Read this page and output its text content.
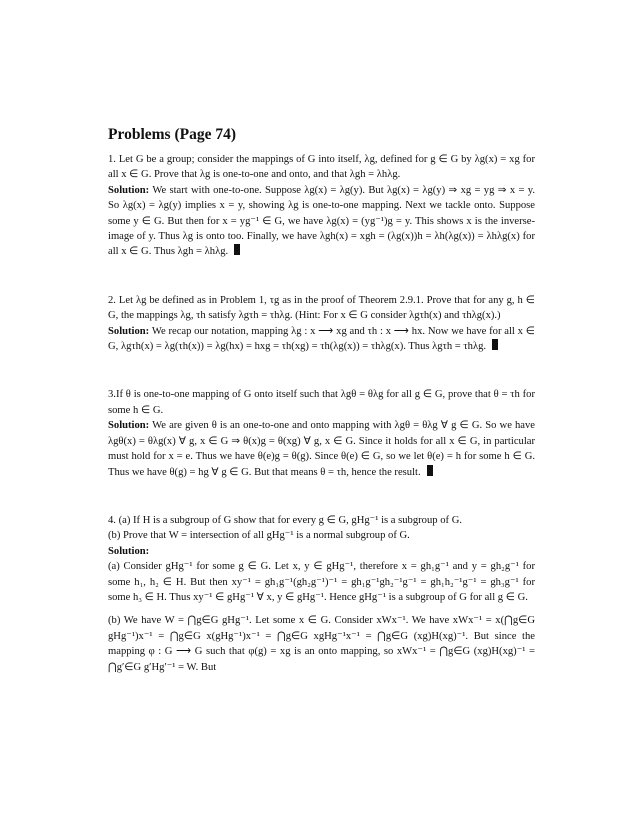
Problems (Page 74)

1. Let G be a group; consider the mappings of G into itself, λg, defined for g ∈ G by λg(x) = xg for all x ∈ G. Prove that λg is one-to-one and onto, and that λgh = λhλg.
Solution: We start with one-to-one. Suppose λg(x) = λg(y). But λg(x) = λg(y) ⇒ xg = yg ⇒ x = y. So λg(x) = λg(y) implies x = y, showing λg is one-to-one mapping. Next we tackle onto. Suppose some y ∈ G. But then for x = yg⁻¹ ∈ G, we have λg(x) = (yg⁻¹)g = y. This shows x is the inverse-image of y. Thus λg is onto too. Finally, we have λgh(x) = xgh = (λg(x))h = λh(λg(x)) = λhλg(x) for all x ∈ G. Thus λgh = λhλg.

2. Let λg be defined as in Problem 1, τg as in the proof of Theorem 2.9.1. Prove that for any g, h ∈ G, the mappings λg, τh satisfy λgτh = τhλg. (Hint: For x ∈ G consider λgτh(x) and τhλg(x).)
Solution: We recap our notation, mapping λg : x ⟶ xg and τh : x ⟶ hx. Now we have for all x ∈ G, λgτh(x) = λg(τh(x)) = λg(hx) = hxg = τh(xg) = τh(λg(x)) = τhλg(x). Thus λgτh = τhλg.

3.If θ is one-to-one mapping of G onto itself such that λgθ = θλg for all g ∈ G, prove that θ = τh for some h ∈ G.
Solution: We are given θ is an one-to-one and onto mapping with λgθ = θλg ∀ g ∈ G. So we have λgθ(x) = θλg(x) ∀ g, x ∈ G ⇒ θ(x)g = θ(xg) ∀ g, x ∈ G. Since it holds for all x ∈ G, in particular must hold for x = e. Thus we have θ(e)g = θ(g). Since θ(e) ∈ G, so we let θ(e) = h for some h ∈ G. Thus we have θ(g) = hg ∀ g ∈ G. But that means θ = τh, hence the result.

4. (a) If H is a subgroup of G show that for every g ∈ G, gHg⁻¹ is a subgroup of G.
(b) Prove that W = intersection of all gHg⁻¹ is a normal subgroup of G.
Solution:
(a) Consider gHg⁻¹ for some g ∈ G. Let x, y ∈ gHg⁻¹, therefore x = gh₁g⁻¹ and y = gh₂g⁻¹ for some h₁, h₂ ∈ H. But then xy⁻¹ = gh₁g⁻¹(gh₂g⁻¹)⁻¹ = gh₁g⁻¹gh₂⁻¹g⁻¹ = gh₁h₂⁻¹g⁻¹ = gh₃g⁻¹ for some h₃ ∈ H. Thus xy⁻¹ ∈ gHg⁻¹ ∀ x, y ∈ gHg⁻¹. Hence gHg⁻¹ is a subgroup of G for all g ∈ G.

(b) We have W = ⋂g∈G gHg⁻¹. Let some x ∈ G. Consider xWx⁻¹. We have xWx⁻¹ = x(⋂g∈G gHg⁻¹)x⁻¹ = ⋂g∈G x(gHg⁻¹)x⁻¹ = ⋂g∈G xgHg⁻¹x⁻¹ = ⋂g∈G (xg)H(xg)⁻¹. But since the mapping φ : G ⟶ G such that φ(g) = xg is an onto mapping, so xWx⁻¹ = ⋂g∈G (xg)H(xg)⁻¹ = ⋂g′∈G g′Hg′⁻¹ = W. But
